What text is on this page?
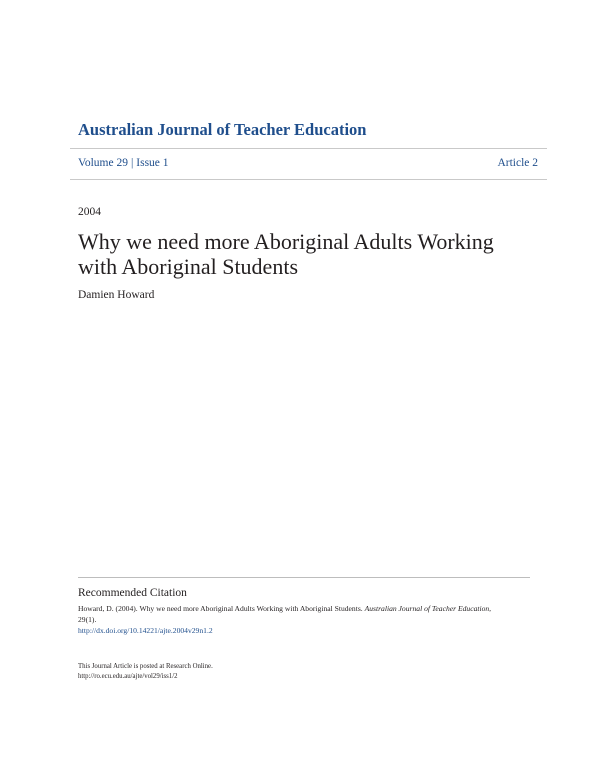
Australian Journal of Teacher Education
Volume 29 | Issue 1	Article 2
2004
Why we need more Aboriginal Adults Working with Aboriginal Students
Damien Howard
Recommended Citation
Howard, D. (2004). Why we need more Aboriginal Adults Working with Aboriginal Students. Australian Journal of Teacher Education,
29(1).
http://dx.doi.org/10.14221/ajte.2004v29n1.2
This Journal Article is posted at Research Online.
http://ro.ecu.edu.au/ajte/vol29/iss1/2
